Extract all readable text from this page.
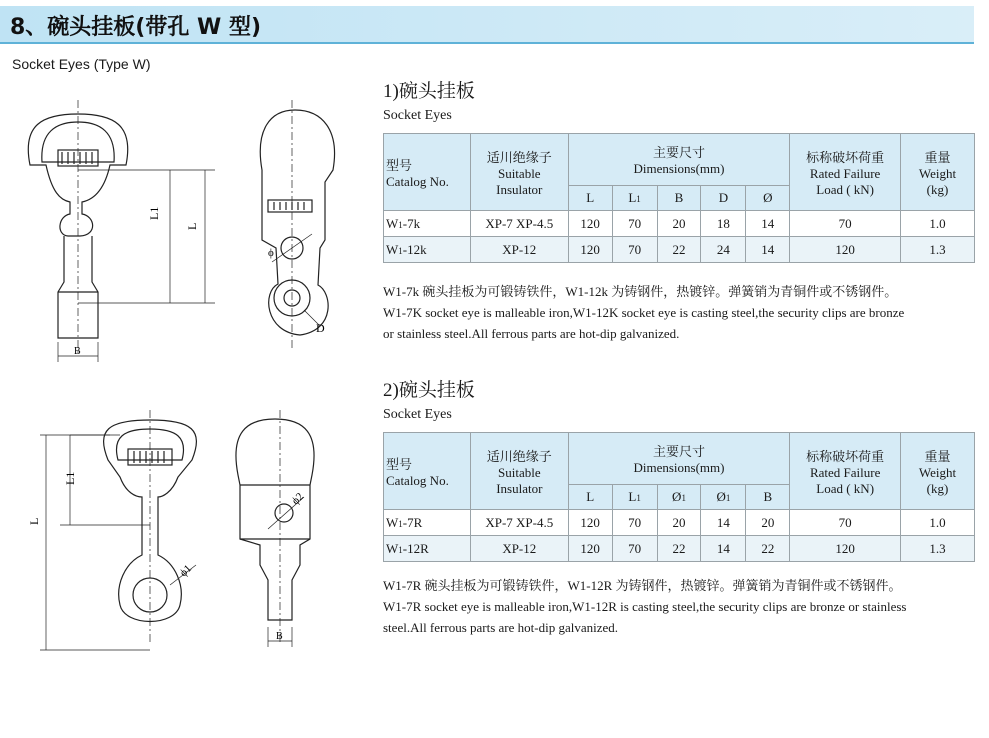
8、碗头挂板(带孔 W 型)
Socket Eyes (Type W)
L1
L
ϕ
D
B
L1
L
ϕ2
ϕ1
B
1)碗头挂板
Socket Eyes
型号
Catalog No.	适川绝缘子
Suitable
Insulator	主要尺寸
Dimensions(mm)					标称破坏荷重
Rated Failure
Load ( kN)	重量
Weight
(kg)
		L	L1	B	D	Ø		
W1-7k	XP-7 XP-4.5	120	70	20	18	14	70	1.0
W1-12k	XP-12	120	70	22	24	14	120	1.3

W1-7k 碗头挂板为可锻铸铁件，W1-12k 为铸钢件，热镀锌。弹簧销为青铜件或不锈钢件。

W1-7K socket eye is malleable iron,W1-12K socket eye is casting steel,the security clips are bronze

or stainless steel.All ferrous parts are hot-dip galvanized.

2)碗头挂板
Socket Eyes
型号
Catalog No.	适川绝缘子
Suitable
Insulator	主要尺寸
Dimensions(mm)					标称破坏荷重
Rated Failure
Load ( kN)	重量
Weight
(kg)
		L	L1	Ø1	Ø1	B		
W1-7R	XP-7 XP-4.5	120	70	20	14	20	70	1.0
W1-12R	XP-12	120	70	22	14	22	120	1.3

W1-7R 碗头挂板为可锻铸铁件，W1-12R 为铸钢件，热镀锌。弹簧销为青铜件或不锈钢件。

W1-7R socket eye is malleable iron,W1-12R is casting steel,the security clips are bronze or stainless

steel.All ferrous parts are hot-dip galvanized.
